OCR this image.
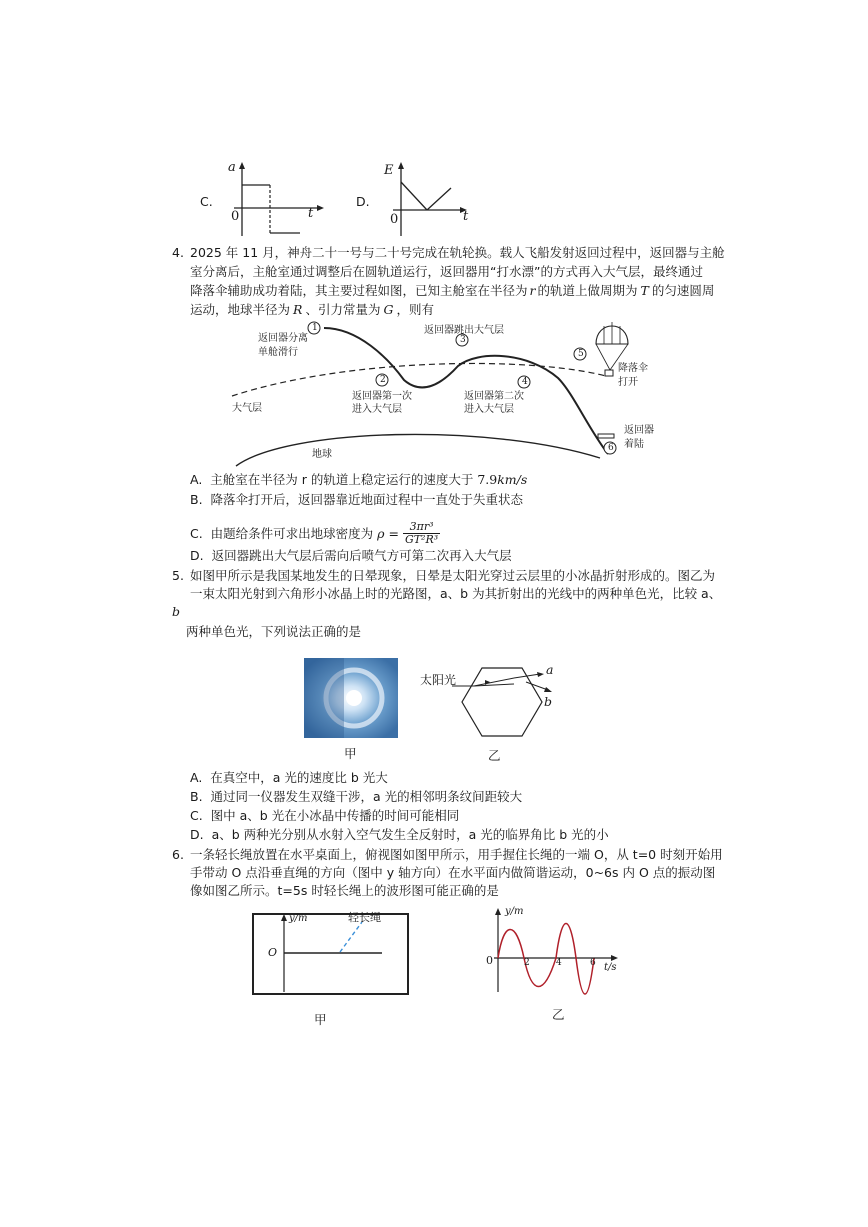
C.
a
t
0
D.
E
t
0
4. 2025 年 11 月，神舟二十一号与二十号完成在轨轮换。载人飞船发射返回过程中，返回器与主舱
室分离后，主舱室通过调整后在圆轨道运行，返回器用“打水漂”的方式再入大气层，最终通过
降落伞辅助成功着陆，其主要过程如图，已知主舱室在半径为 r 的轨道上做周期为 T 的匀速圆周
运动，地球半径为 R 、引力常量为 G ，则有
1
2
3
4
5
6
返回器分离
单舱滑行
返回器跳出大气层
降落伞
打开
返回器第一次
进入大气层
返回器第二次
进入大气层
大气层
地球
返回器
着陆
A. 主舱室在半径为 r 的轨道上稳定运行的速度大于 7.9km/s
B. 降落伞打开后，返回器靠近地面过程中一直处于失重状态
C.
由题给条件可求出地球密度为
ρ =
$\frac{\text{3πr³}}{\text{GT²R³}}$
D. 返回器跳出大气层后需向后喷气方可第二次再入大气层
5. 如图甲所示是我国某地发生的日晕现象，日晕是太阳光穿过云层里的小冰晶折射形成的。图乙为
一束太阳光射到六角形小冰晶上时的光路图，a、b 为其折射出的光线中的两种单色光，比较 a、
b
两种单色光，下列说法正确的是
甲
太阳光
a
b
乙
A. 在真空中，a 光的速度比 b 光大
B. 通过同一仪器发生双缝干涉，a 光的相邻明条纹间距较大
C. 图中 a、b 光在小冰晶中传播的时间可能相同
D. a、b 两种光分别从水射入空气发生全反射时，a 光的临界角比 b 光的小
6. 一条轻长绳放置在水平桌面上，俯视图如图甲所示，用手握住长绳的一端 O，从 t=0 时刻开始用
手带动 O 点沿垂直绳的方向（图中 y 轴方向）在水平面内做简谐运动，0~6s 内 O 点的振动图
像如图乙所示。t=5s 时轻长绳上的波形图可能正确的是
y/m	轻长绳
O
甲
y/m
t/s
0	2	4	6
乙
